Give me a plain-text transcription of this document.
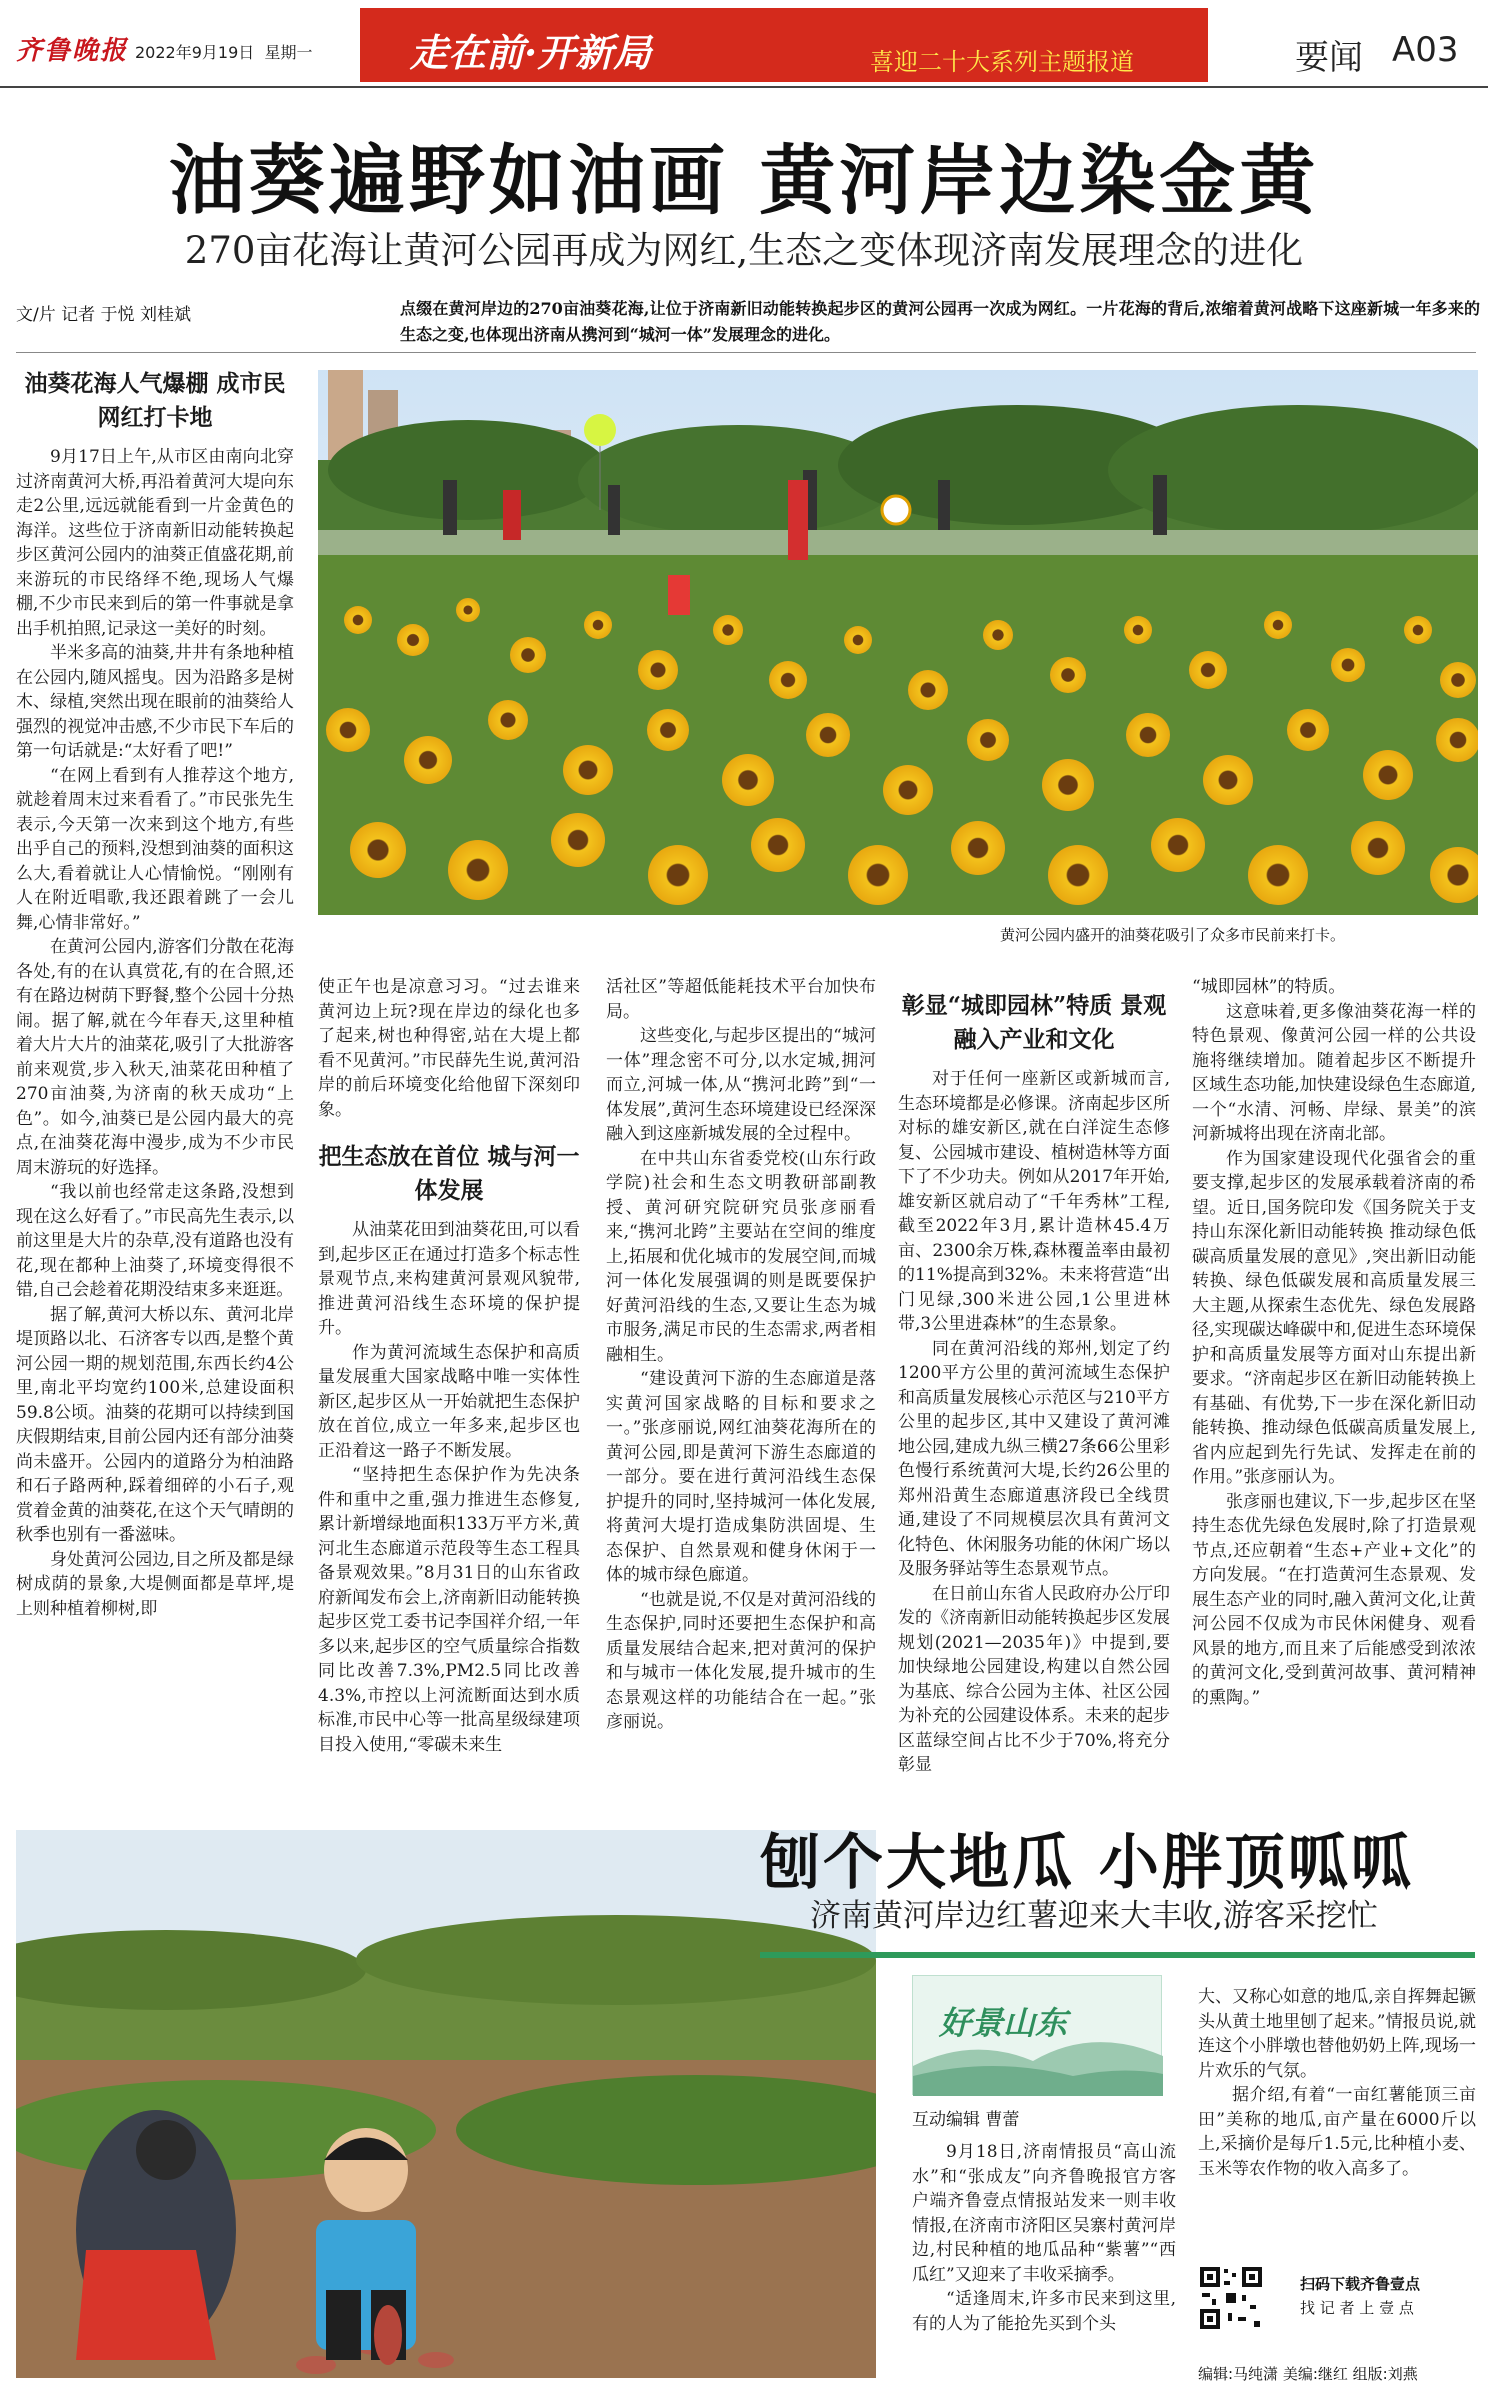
齐鲁晚报 2022年9月19日 星期一	走在前·开新局	喜迎二十大系列主题报道	要闻 A03
油葵遍野如油画 黄河岸边染金黄
270亩花海让黄河公园再成为网红,生态之变体现济南发展理念的进化
文/片 记者 于悦 刘桂斌	点缀在黄河岸边的270亩油葵花海,让位于济南新旧动能转换起步区的黄河公园再一次成为网红。一片花海的背后,浓缩着黄河战略下这座新城一年多来的生态之变,也体现出济南从携河到“城河一体”发展理念的进化。
黄河公园内盛开的油葵花吸引了众多市民前来打卡。
油葵花海人气爆棚 成市民网红打卡地

9月17日上午,从市区由南向北穿过济南黄河大桥,再沿着黄河大堤向东走2公里,远远就能看到一片金黄色的海洋。这些位于济南新旧动能转换起步区黄河公园内的油葵正值盛花期,前来游玩的市民络绎不绝,现场人气爆棚,不少市民来到后的第一件事就是拿出手机拍照,记录这一美好的时刻。

半米多高的油葵,井井有条地种植在公园内,随风摇曳。因为沿路多是树木、绿植,突然出现在眼前的油葵给人强烈的视觉冲击感,不少市民下车后的第一句话就是:“太好看了吧!”

“在网上看到有人推荐这个地方,就趁着周末过来看看了。”市民张先生表示,今天第一次来到这个地方,有些出乎自己的预料,没想到油葵的面积这么大,看着就让人心情愉悦。“刚刚有人在附近唱歌,我还跟着跳了一会儿舞,心情非常好。”

在黄河公园内,游客们分散在花海各处,有的在认真赏花,有的在合照,还有在路边树荫下野餐,整个公园十分热闹。据了解,就在今年春天,这里种植着大片大片的油菜花,吸引了大批游客前来观赏,步入秋天,油菜花田种植了270亩油葵,为济南的秋天成功“上色”。如今,油葵已是公园内最大的亮点,在油葵花海中漫步,成为不少市民周末游玩的好选择。

“我以前也经常走这条路,没想到现在这么好看了。”市民高先生表示,以前这里是大片的杂草,没有道路也没有花,现在都种上油葵了,环境变得很不错,自己会趁着花期没结束多来逛逛。

据了解,黄河大桥以东、黄河北岸堤顶路以北、石济客专以西,是整个黄河公园一期的规划范围,东西长约4公里,南北平均宽约100米,总建设面积59.8公顷。油葵的花期可以持续到国庆假期结束,目前公园内还有部分油葵尚未盛开。公园内的道路分为柏油路和石子路两种,踩着细碎的小石子,观赏着金黄的油葵花,在这个天气晴朗的秋季也别有一番滋味。

身处黄河公园边,目之所及都是绿树成荫的景象,大堤侧面都是草坪,堤上则种植着柳树,即

使正午也是凉意习习。“过去谁来黄河边上玩?现在岸边的绿化也多了起来,树也种得密,站在大堤上都看不见黄河。”市民薛先生说,黄河沿岸的前后环境变化给他留下深刻印象。

把生态放在首位 城与河一体发展

从油菜花田到油葵花田,可以看到,起步区正在通过打造多个标志性景观节点,来构建黄河景观风貌带,推进黄河沿线生态环境的保护提升。

作为黄河流域生态保护和高质量发展重大国家战略中唯一实体性新区,起步区从一开始就把生态保护放在首位,成立一年多来,起步区也正沿着这一路子不断发展。

“坚持把生态保护作为先决条件和重中之重,强力推进生态修复,累计新增绿地面积133万平方米,黄河北生态廊道示范段等生态工程具备景观效果。”8月31日的山东省政府新闻发布会上,济南新旧动能转换起步区党工委书记李国祥介绍,一年多以来,起步区的空气质量综合指数同比改善7.3%,PM2.5同比改善4.3%,市控以上河流断面达到水质标准,市民中心等一批高星级绿建项目投入使用,“零碳未来生

活社区”等超低能耗技术平台加快布局。

这些变化,与起步区提出的“城河一体”理念密不可分,以水定城,拥河而立,河城一体,从“携河北跨”到“一体发展”,黄河生态环境建设已经深深融入到这座新城发展的全过程中。

在中共山东省委党校(山东行政学院)社会和生态文明教研部副教授、黄河研究院研究员张彦丽看来,“携河北跨”主要站在空间的维度上,拓展和优化城市的发展空间,而城河一体化发展强调的则是既要保护好黄河沿线的生态,又要让生态为城市服务,满足市民的生态需求,两者相融相生。

“建设黄河下游的生态廊道是落实黄河国家战略的目标和要求之一。”张彦丽说,网红油葵花海所在的黄河公园,即是黄河下游生态廊道的一部分。要在进行黄河沿线生态保护提升的同时,坚持城河一体化发展,将黄河大堤打造成集防洪固堤、生态保护、自然景观和健身休闲于一体的城市绿色廊道。

“也就是说,不仅是对黄河沿线的生态保护,同时还要把生态保护和高质量发展结合起来,把对黄河的保护和与城市一体化发展,提升城市的生态景观这样的功能结合在一起。”张彦丽说。

彰显“城即园林”特质 景观融入产业和文化

对于任何一座新区或新城而言,生态环境都是必修课。济南起步区所对标的雄安新区,就在白洋淀生态修复、公园城市建设、植树造林等方面下了不少功夫。例如从2017年开始,雄安新区就启动了“千年秀林”工程,截至2022年3月,累计造林45.4万亩、2300余万株,森林覆盖率由最初的11%提高到32%。未来将营造“出门见绿,300米进公园,1公里进林带,3公里进森林”的生态景象。

同在黄河沿线的郑州,划定了约1200平方公里的黄河流域生态保护和高质量发展核心示范区与210平方公里的起步区,其中又建设了黄河滩地公园,建成九纵三横27条66公里彩色慢行系统黄河大堤,长约26公里的郑州沿黄生态廊道惠济段已全线贯通,建设了不同规模层次具有黄河文化特色、休闲服务功能的休闲广场以及服务驿站等生态景观节点。

在日前山东省人民政府办公厅印发的《济南新旧动能转换起步区发展规划(2021—2035年)》中提到,要加快绿地公园建设,构建以自然公园为基底、综合公园为主体、社区公园为补充的公园建设体系。未来的起步区蓝绿空间占比不少于70%,将充分彰显

“城即园林”的特质。

这意味着,更多像油葵花海一样的特色景观、像黄河公园一样的公共设施将继续增加。随着起步区不断提升区域生态功能,加快建设绿色生态廊道,一个“水清、河畅、岸绿、景美”的滨河新城将出现在济南北部。

作为国家建设现代化强省会的重要支撑,起步区的发展承载着济南的希望。近日,国务院印发《国务院关于支持山东深化新旧动能转换 推动绿色低碳高质量发展的意见》,突出新旧动能转换、绿色低碳发展和高质量发展三大主题,从探索生态优先、绿色发展路径,实现碳达峰碳中和,促进生态环境保护和高质量发展等方面对山东提出新要求。“济南起步区在新旧动能转换上有基础、有优势,下一步在深化新旧动能转换、推动绿色低碳高质量发展上,省内应起到先行先试、发挥走在前的作用。”张彦丽认为。

张彦丽也建议,下一步,起步区在坚持生态优先绿色发展时,除了打造景观节点,还应朝着“生态+产业+文化”的方向发展。“在打造黄河生态景观、发展生态产业的同时,融入黄河文化,让黄河公园不仅成为市民休闲健身、观看风景的地方,而且来了后能感受到浓浓的黄河文化,受到黄河故事、黄河精神的熏陶。”

刨个大地瓜 小胖顶呱呱
济南黄河岸边红薯迎来大丰收,游客采挖忙
好景山东
互动编辑 曹蕾

9月18日,济南情报员“高山流水”和“张成友”向齐鲁晚报官方客户端齐鲁壹点情报站发来一则丰收情报,在济南市济阳区吴寨村黄河岸边,村民种植的地瓜品种“紫薯”“西瓜红”又迎来了丰收采摘季。

“适逢周末,许多市民来到这里,有的人为了能抢先买到个头

大、又称心如意的地瓜,亲自挥舞起镢头从黄土地里刨了起来。”情报员说,就连这个小胖墩也替他奶奶上阵,现场一片欢乐的气氛。

据介绍,有着“一亩红薯能顶三亩田”美称的地瓜,亩产量在6000斤以上,采摘价是每斤1.5元,比种植小麦、玉米等农作物的收入高多了。

扫码下载齐鲁壹点
找 记 者 上 壹 点
编辑:马纯潇 美编:继红 组版:刘燕
